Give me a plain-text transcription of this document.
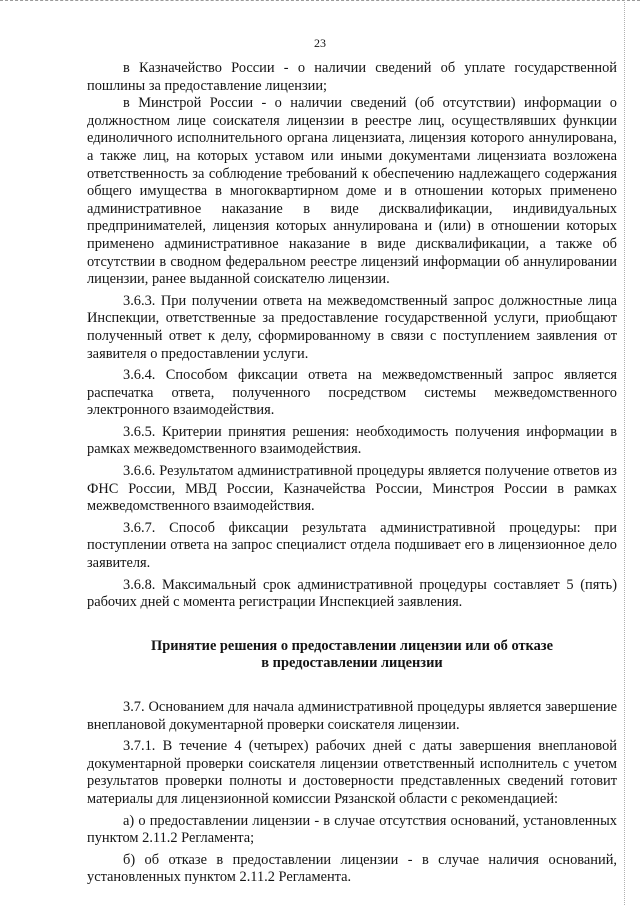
23

в Казначейство России - о наличии сведений об уплате государственной пошлины за предоставление лицензии;

в Минстрой России - о наличии сведений (об отсутствии) информации о должностном лице соискателя лицензии в реестре лиц, осуществлявших функции единоличного исполнительного органа лицензиата, лицензия которого аннулирована, а также лиц, на которых уставом или иными документами лицензиата возложена ответственность за соблюдение требований к обеспечению надлежащего содержания общего имущества в многоквартирном доме и в отношении которых применено административное наказание в виде дисквалификации, индивидуальных предпринимателей, лицензия которых аннулирована и (или) в отношении которых применено административное наказание в виде дисквалификации, а также об отсутствии в сводном федеральном реестре лицензий информации об аннулировании лицензии, ранее выданной соискателю лицензии.

3.6.3. При получении ответа на межведомственный запрос должностные лица Инспекции, ответственные за предоставление государственной услуги, приобщают полученный ответ к делу, сформированному в связи с поступлением заявления от заявителя о предоставлении услуги.

3.6.4. Способом фиксации ответа на межведомственный запрос является распечатка ответа, полученного посредством системы межведомственного электронного взаимодействия.

3.6.5. Критерии принятия решения: необходимость получения информации в рамках межведомственного взаимодействия.

3.6.6. Результатом административной процедуры является получение ответов из ФНС России, МВД России, Казначейства России, Минстроя России в рамках межведомственного взаимодействия.

3.6.7. Способ фиксации результата административной процедуры: при поступлении ответа на запрос специалист отдела подшивает его в лицензионное дело заявителя.

3.6.8. Максимальный срок административной процедуры составляет 5 (пять) рабочих дней с момента регистрации Инспекцией заявления.

Принятие решения о предоставлении лицензии или об отказе
в предоставлении лицензии

3.7. Основанием для начала административной процедуры является завершение внеплановой документарной проверки соискателя лицензии.

3.7.1. В течение 4 (четырех) рабочих дней с даты завершения внеплановой документарной проверки соискателя лицензии ответственный исполнитель с учетом результатов проверки полноты и достоверности представленных сведений готовит материалы для лицензионной комиссии Рязанской области с рекомендацией:

а) о предоставлении лицензии - в случае отсутствия оснований, установленных пунктом 2.11.2 Регламента;

б) об отказе в предоставлении лицензии - в случае наличия оснований, установленных пунктом 2.11.2 Регламента.
